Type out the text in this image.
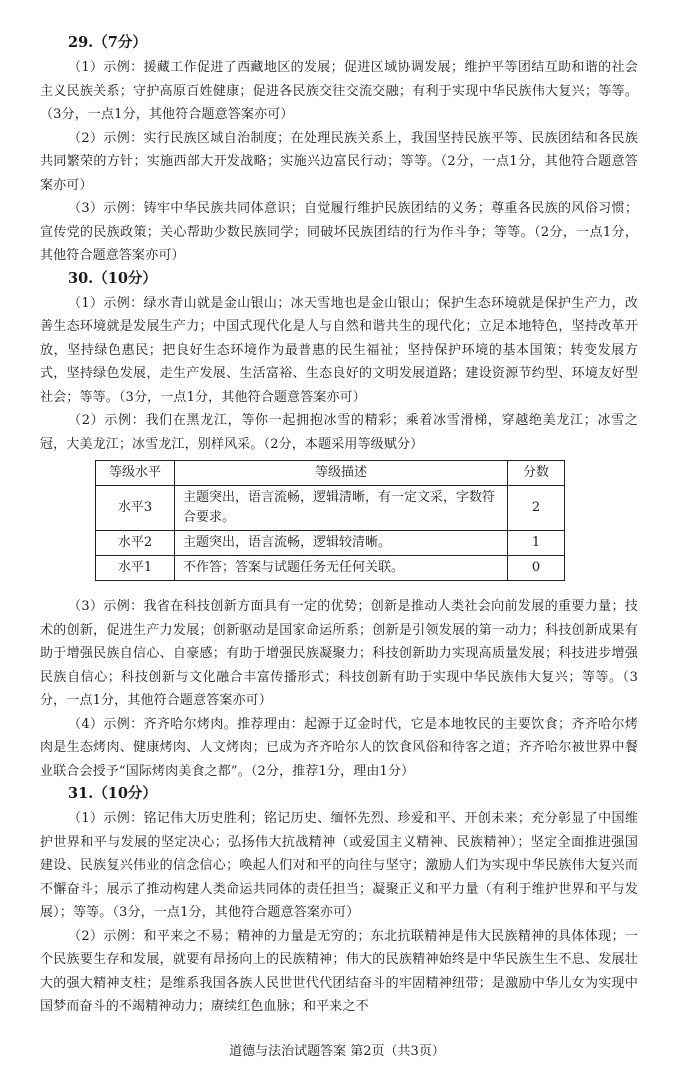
29.（7分）

（1）示例：援藏工作促进了西藏地区的发展；促进区域协调发展；维护平等团结互助和谐的社会主义民族关系；守护高原百姓健康；促进各民族交往交流交融；有利于实现中华民族伟大复兴；等等。（3分，一点1分，其他符合题意答案亦可）

（2）示例：实行民族区域自治制度；在处理民族关系上，我国坚持民族平等、民族团结和各民族共同繁荣的方针；实施西部大开发战略；实施兴边富民行动；等等。（2分，一点1分，其他符合题意答案亦可）

（3）示例：铸牢中华民族共同体意识；自觉履行维护民族团结的义务；尊重各民族的风俗习惯；宣传党的民族政策；关心帮助少数民族同学；同破坏民族团结的行为作斗争；等等。（2分，一点1分，其他符合题意答案亦可）

30.（10分）

（1）示例：绿水青山就是金山银山；冰天雪地也是金山银山；保护生态环境就是保护生产力，改善生态环境就是发展生产力；中国式现代化是人与自然和谐共生的现代化；立足本地特色，坚持改革开放，坚持绿色惠民；把良好生态环境作为最普惠的民生福祉；坚持保护环境的基本国策；转变发展方式，坚持绿色发展，走生产发展、生活富裕、生态良好的文明发展道路；建设资源节约型、环境友好型社会；等等。（3分，一点1分，其他符合题意答案亦可）

（2）示例：我们在黑龙江，等你一起拥抱冰雪的精彩；乘着冰雪滑梯，穿越绝美龙江；冰雪之冠，大美龙江；冰雪龙江，别样风采。（2分，本题采用等级赋分）

等级水平	等级描述	分数
水平3	主题突出，语言流畅，逻辑清晰，有一定文采，字数符合要求。	2
水平2	主题突出，语言流畅，逻辑较清晰。	1
水平1	不作答；答案与试题任务无任何关联。	0

（3）示例：我省在科技创新方面具有一定的优势；创新是推动人类社会向前发展的重要力量；技术的创新，促进生产力发展；创新驱动是国家命运所系；创新是引领发展的第一动力；科技创新成果有助于增强民族自信心、自豪感；有助于增强民族凝聚力；科技创新助力实现高质量发展；科技进步增强民族自信心；科技创新与文化融合丰富传播形式；科技创新有助于实现中华民族伟大复兴；等等。（3分，一点1分，其他符合题意答案亦可）

（4）示例：齐齐哈尔烤肉。推荐理由：起源于辽金时代，它是本地牧民的主要饮食；齐齐哈尔烤肉是生态烤肉、健康烤肉、人文烤肉；已成为齐齐哈尔人的饮食风俗和待客之道；齐齐哈尔被世界中餐业联合会授予“国际烤肉美食之都”。（2分，推荐1分，理由1分）

31.（10分）

（1）示例：铭记伟大历史胜利；铭记历史、缅怀先烈、珍爱和平、开创未来；充分彰显了中国维护世界和平与发展的坚定决心；弘扬伟大抗战精神（或爱国主义精神、民族精神）；坚定全面推进强国建设、民族复兴伟业的信念信心；唤起人们对和平的向往与坚守；激励人们为实现中华民族伟大复兴而不懈奋斗；展示了推动构建人类命运共同体的责任担当；凝聚正义和平力量（有利于维护世界和平与发展）；等等。（3分，一点1分，其他符合题意答案亦可）

（2）示例：和平来之不易；精神的力量是无穷的；东北抗联精神是伟大民族精神的具体体现；一个民族要生存和发展，就要有昂扬向上的民族精神；伟大的民族精神始终是中华民族生生不息、发展壮大的强大精神支柱；是维系我国各族人民世世代代团结奋斗的牢固精神纽带；是激励中华儿女为实现中国梦而奋斗的不竭精神动力；赓续红色血脉；和平来之不

道德与法治试题答案 第2页（共3页）
